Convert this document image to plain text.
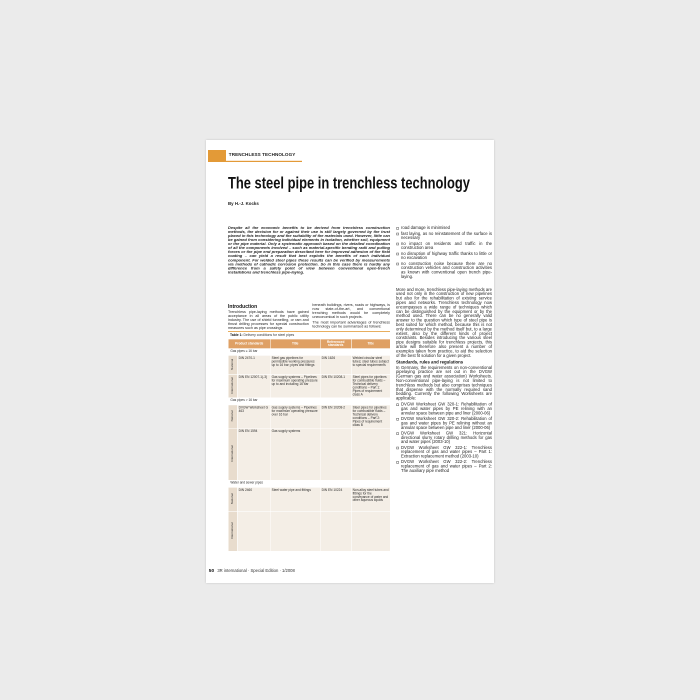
TRENCHLESS TECHNOLOGY
The steel pipe in trenchless technology
By H.-J. Kocks

Despite all the economic benefits to be derived from trenchless construction methods, the decision for or against their use is still largely governed by the trust placed in this technology and the suitability of the materials used. However, little can be gained from considering individual elements in isolation, whether soil, equipment or the pipe material. Only a systematic approach based on the detailed coordination of all the components involved – such as material-specific bending radii and pulling forces or the pipe end preparation described here for improved adhesion of the field coating – can yield a result that best exploits the benefits of each individual component. For welded steel pipes these results can be verified by measurements via methods of cathodic corrosion protection. So in this case there is hardly any difference from a safety point of view between conventional open-trench installations and trenchless pipe-laying.

Introduction

Trenchless pipe-laying methods have gained acceptance in all areas of the public utility industry. The use of shield tunnelling, or ram and thrust drilling processes for special construction measures such as pipe crossings

beneath buildings, rivers, roads or highways, is now state-of-the-art, and conventional trenching methods would be completely uneconomical in such projects.

The most important advantages of trenchless technology can be summarised as follows:

road damage is minimised
fast laying, as no reinstatement of the surface is necessary
no impact on residents and traffic in the construction area
no disruption of highway traffic thanks to little or no excavation
no construction noise because there are no construction vehicles and construction activities as known with conventional open trench pipe-laying.

More and more, trenchless pipe-laying methods are used not only in the construction of new pipelines but also for the rehabilitation of existing service pipes and networks. Trenchless technology now encompasses a wide range of techniques which can be distinguished by the equipment or by the method used. There can be no generally valid answer to the question which type of steel pipe is best suited for which method, because this is not only determined by the method itself but, to a large extent, also by the different kinds of project constraints. Besides introducing the various steel pipe designs suitable for trenchless projects, this article will therefore also present a number of examples taken from practice, to aid the selection of the best fit solution for a given project.

Standards, rules and regulations

In Germany, the requirements on non-conventional pipelaying practice are set out in the DVGW (German gas and water association) Worksheets. Non-conventional pipe-laying is not limited to trenchless methods but also comprises techniques that dispense with the normally required sand bedding. Currently the following Worksheets are applicable:

DVGW Worksheet GW 320-1: Rehabilitation of gas and water pipes by PE relining with an annular space between pipe and liner (2000-06)
DVGW Worksheet GW 320-2: Rehabilitation of gas and water pipes by PE relining without an annular space between pipe and liner (2000-06)
DVGW Worksheet GW 321: Horizontal directional slurry rotary drilling methods for gas and water pipes (2003-10)
DVGW Worksheet GW 322-1: Trenchless replacement of gas and water pipes – Part 1: Extraction replacement method (2003-10)
DVGW Worksheet GW 322-2: Trenchless replacement of gas and water pipes – Part 2: The auxiliary pipe method
Table 1: Delivery conditions for steel pipes
Product standards		Title	Referenced standards	Title
Gas pipes ≤ 16 bar				
National	DIN 2470-1	Steel gas pipelines for permissible working pressures up to 16 bar; pipes and fittings	DIN 1626	Welded circular steel tubes; steel tubes subject to special requirements
International	DIN EN 12007-1(-3)	Gas supply systems – Pipelines for maximum operating pressure up to and including 16 bar	DIN EN 10208-1	Steel pipes for pipelines for combustible fluids – Technical delivery conditions – Part 1: Pipes of requirement class A
Gas pipes > 16 bar				
National	DVGW Worksheet G 463	Gas supply systems – Pipelines for maximum operating pressure over 16 bar	DIN EN 10208-2	Steel pipes for pipelines for combustible fluids – Technical delivery conditions – Part 2: Pipes of requirement class B
International	DIN EN 1594	Gas supply systems		
Water and sewer pipes				
National	DIN 2460	Steel water pipe and fittings	DIN EN 10224	Non-alloy steel tubes and fittings for the conveyance of water and other aqueous liquids
International				
50 3R international · Special Edition · 1/2008
